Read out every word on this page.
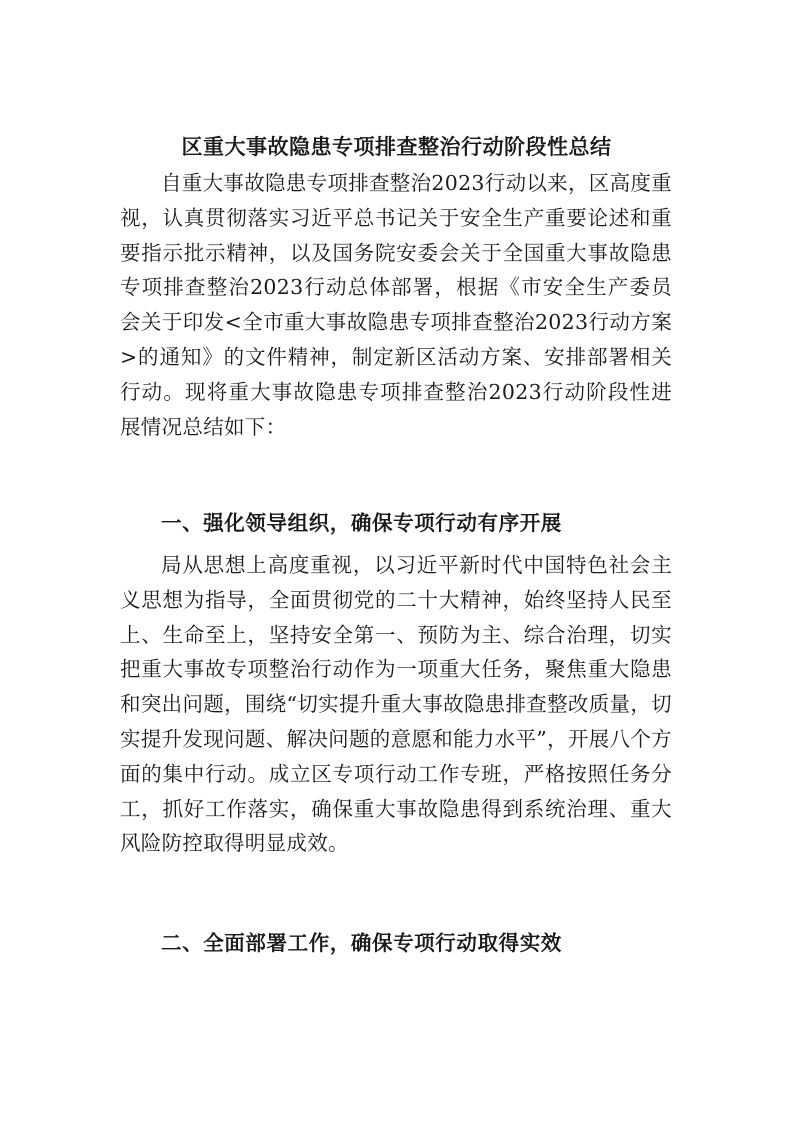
区重大事故隐患专项排查整治行动阶段性总结

自重大事故隐患专项排查整治2023行动以来，区高度重视，认真贯彻落实习近平总书记关于安全生产重要论述和重要指示批示精神，以及国务院安委会关于全国重大事故隐患专项排查整治2023行动总体部署，根据《市安全生产委员会关于印发<全市重大事故隐患专项排查整治2023行动方案>的通知》的文件精神，制定新区活动方案、安排部署相关行动。现将重大事故隐患专项排查整治2023行动阶段性进展情况总结如下：

一、强化领导组织，确保专项行动有序开展

局从思想上高度重视，以习近平新时代中国特色社会主义思想为指导，全面贯彻党的二十大精神，始终坚持人民至上、生命至上，坚持安全第一、预防为主、综合治理，切实把重大事故专项整治行动作为一项重大任务，聚焦重大隐患和突出问题，围绕“切实提升重大事故隐患排查整改质量，切实提升发现问题、解决问题的意愿和能力水平”，开展八个方面的集中行动。成立区专项行动工作专班，严格按照任务分工，抓好工作落实，确保重大事故隐患得到系统治理、重大风险防控取得明显成效。

二、全面部署工作，确保专项行动取得实效
